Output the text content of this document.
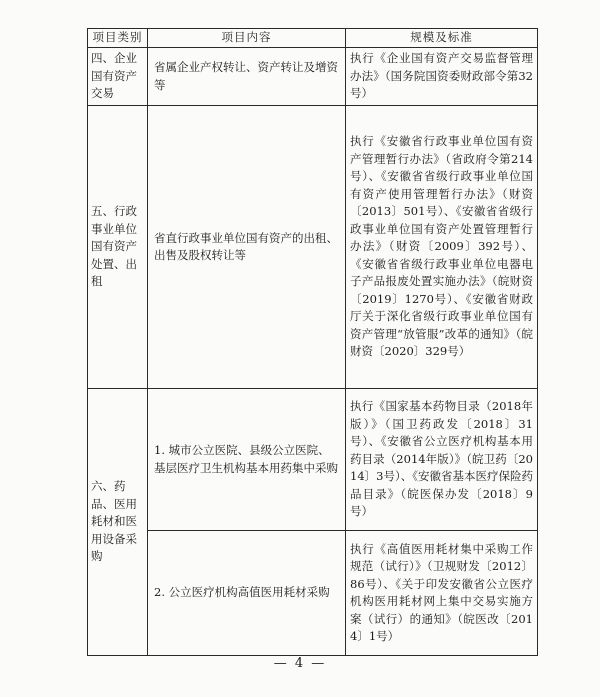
项目类别	项目内容	规模及标准
四、企业国有资产交易	省属企业产权转让、资产转让及增资等	执行《企业国有资产交易监督管理办法》（国务院国资委财政部令第32号）
五、行政事业单位国有资产处置、出租	省直行政事业单位国有资产的出租、出售及股权转让等	执行《安徽省行政事业单位国有资产管理暂行办法》（省政府令第214号）、《安徽省省级行政事业单位国有资产使用管理暂行办法》（财资〔2013〕501号）、《安徽省省级行政事业单位国有资产处置管理暂行办法》（财资〔2009〕392号）、《安徽省省级行政事业单位电器电子产品报废处置实施办法》（皖财资〔2019〕1270号）、《安徽省财政厅关于深化省级行政事业单位国有资产管理“放管服”改革的通知》（皖财资〔2020〕329号）
六、药品、医用耗材和医用设备采购	1. 城市公立医院、县级公立医院、基层医疗卫生机构基本用药集中采购	执行《国家基本药物目录（2018年版）》（国卫药政发〔2018〕31号）、《安徽省公立医疗机构基本用药目录（2014年版）》（皖卫药〔2014〕3号）、《安徽省基本医疗保险药品目录》（皖医保办发〔2018〕9号）
	2. 公立医疗机构高值医用耗材采购	执行《高值医用耗材集中采购工作规范（试行）》（卫规财发〔2012〕86号）、《关于印发安徽省公立医疗机构医用耗材网上集中交易实施方案（试行）的通知》（皖医改〔2014〕1号）
— 4 —
